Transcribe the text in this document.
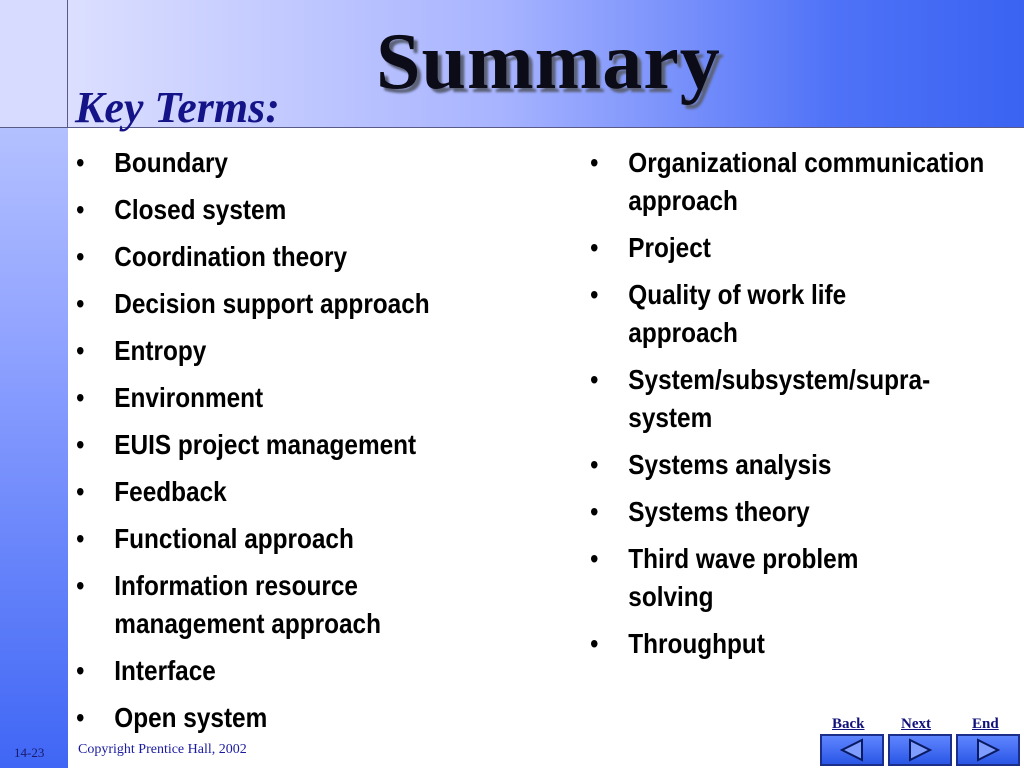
Summary
Key Terms:
• Boundary
• Closed system
• Coordination theory
• Decision support approach
• Entropy
• Environment
• EUIS project management
• Feedback
• Functional approach
• Information resource management approach
• Interface
• Open system
• Organizational communication approach
• Project
• Quality of work life approach
• System/subsystem/supra-system
• Systems analysis
• Systems theory
• Third wave problem solving
• Throughput
14-23 Copyright Prentice Hall, 2002
Back Next	End
